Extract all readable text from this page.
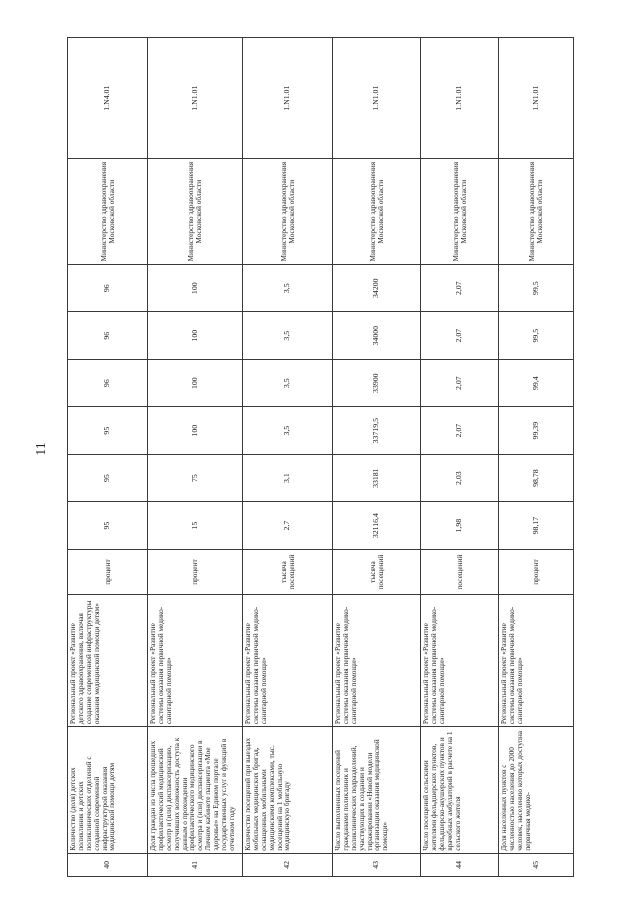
11
40	Количество (доля) детских поликлиник и детских поликлинических отделений с созданной современной инфраструктурой оказания медицинской помощи детям	Региональный проект «Развитие детского здравоохранения, включая создание современной инфраструктуры оказания медицинской помощи детям»	процент	95	95	95	96	96	96	Министерство здравоохранения Московской области	1.N4.01
41	Доля граждан из числа прошедших профилактический медицинский осмотр и (или) диспансеризацию, получивших возможность доступа к данным о прохождении профилактического медицинского осмотра и (или) диспансеризации в Личном кабинете пациента «Мое здоровье» на Едином портале государственных услуг и функций в отчетном году	Региональный проект «Развитие системы оказания первичной медико-санитарной помощи»	процент	15	75	100	100	100	100	Министерство здравоохранения Московской области	1.N1.01
42	Количество посещений при выездах мобильных медицинских бригад, оснащенных мобильными медицинскими комплексами, тыс. посещений на 1 мобильную медицинскую бригаду	Региональный проект «Развитие системы оказания первичной медико-санитарной помощи»	тысяча посещений	2,7	3,1	3,5	3,5	3,5	3,5	Министерство здравоохранения Московской области	1.N1.01
43	Число выполненных посещений гражданами поликлиник и поликлинических подразделений, участвующих в создании и тиражировании «Новой модели организации оказания медицинской помощи»	Региональный проект «Развитие системы оказания первичной медико-санитарной помощи»	тысяча посещений	32116,4	33181	33719,5	33900	34000	34200	Министерство здравоохранения Московской области	1.N1.01
44	Число посещений сельскими жителями фельдшерских пунктов, фельдшерско-акушерских пунктов и врачебных амбулаторий в расчете на 1 сельского жителя	Региональный проект «Развитие системы оказания первичной медико-санитарной помощи»	посещений	1,98	2,03	2,07	2,07	2,07	2,07	Министерство здравоохранения Московской области	1.N1.01
45	Доля населенных пунктов с численностью населения до 2000 человек, населению которых доступна первичная медико-	Региональный проект «Развитие системы оказания первичной медико-санитарной помощи»	процент	98,17	98,78	99,39	99,4	99,5	99,5	Министерство здравоохранения Московской области	1.N1.01
